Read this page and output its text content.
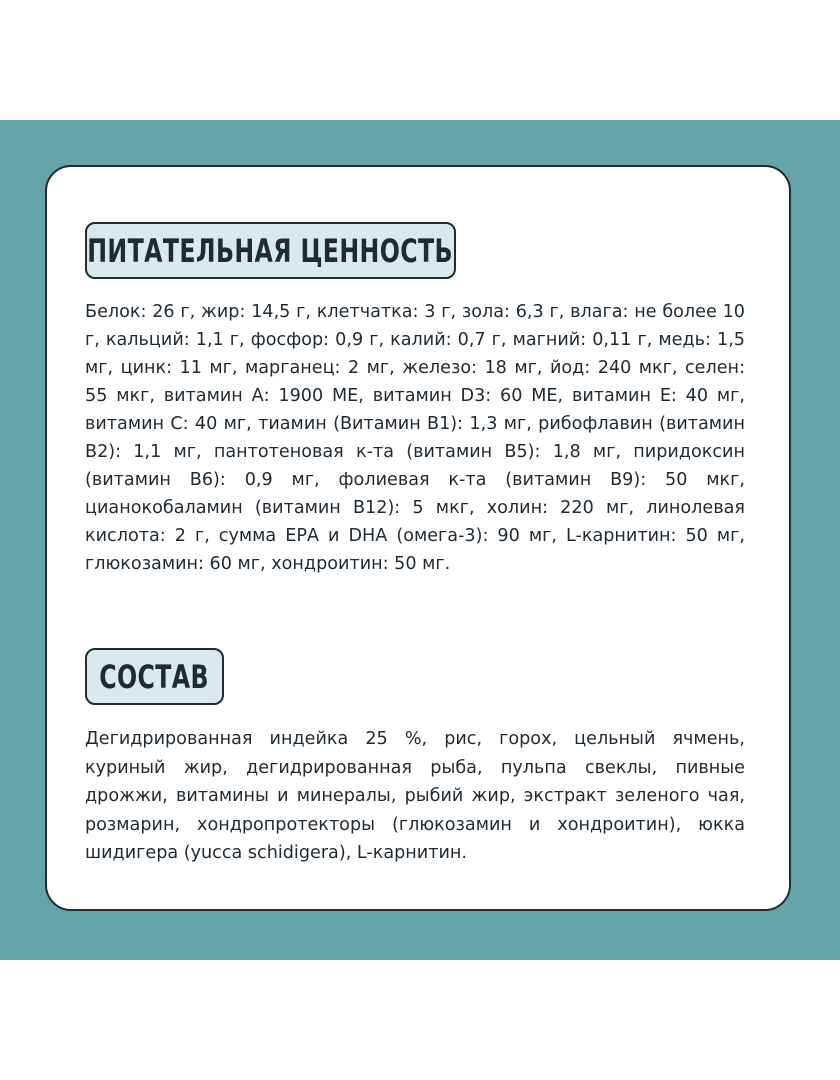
ПИТАТЕЛЬНАЯ ЦЕННОСТЬ

Белок: 26 г, жир: 14,5 г, клетчатка: 3 г, зола: 6,3 г, влага: не более 10 г, кальций: 1,1 г, фосфор: 0,9 г, калий: 0,7 г, магний: 0,11 г, медь: 1,5 мг, цинк: 11 мг, марганец: 2 мг, железо: 18 мг, йод: 240 мкг, селен: 55 мкг, витамин А: 1900 МЕ, витамин D3: 60 МЕ, витамин Е: 40 мг, витамин С: 40 мг, тиамин (Витамин В1): 1,3 мг, рибофлавин (витамин В2): 1,1 мг, пантотеновая к-та (витамин В5): 1,8 мг, пиридоксин (витамин В6): 0,9 мг, фолиевая к-та (витамин В9): 50 мкг, цианокобаламин (витамин В12): 5 мкг, холин: 220 мг, линолевая кислота: 2 г, сумма ЕРА и DHA (омега-3): 90 мг, L-карнитин: 50 мг, глюкозамин: 60 мг, хондроитин: 50 мг.

СОСТАВ

Дегидрированная индейка 25 %, рис, горох, цельный ячмень, куриный жир, дегидрированная рыба, пульпа свеклы, пивные дрожжи, витамины и минералы, рыбий жир, экстракт зеленого чая, розмарин, хондропротекторы (глюкозамин и хондроитин), юкка шидигера (yucca schidigera), L-карнитин.
